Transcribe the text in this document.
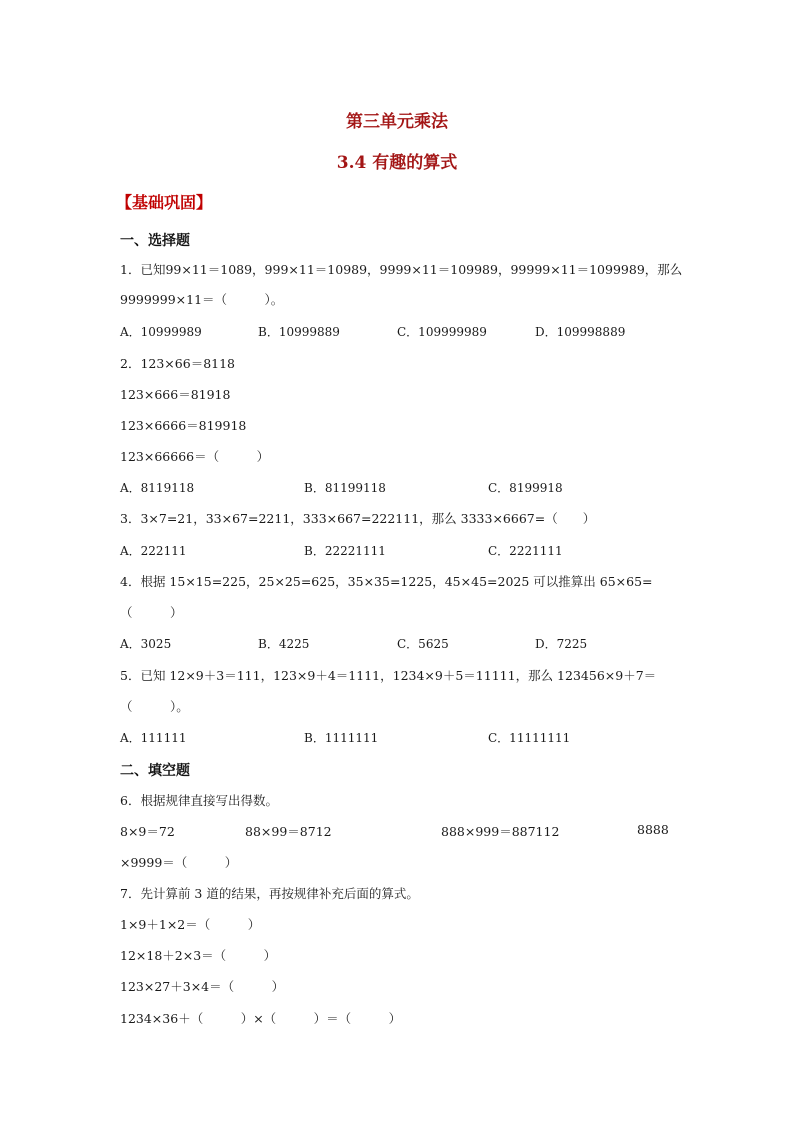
第三单元乘法
3.4 有趣的算式
【基础巩固】
一、选择题
1．已知99×11＝1089，999×11＝10989，9999×11＝109989，99999×11＝1099989，那么
9999999×11＝（　　　）。
A．10999989	B．10999889	C．109999989	D．109998889
2．123×66＝8118
123×666＝81918
123×6666＝819918
123×66666＝（　　　）
A．8119118	B．81199118	C．8199918
3．3×7=21，33×67=2211，333×667=222111，那么 3333×6667=（　　）
A．222111	B．22221111	C．2221111
4．根据 15×15=225，25×25=625，35×35=1225，45×45=2025 可以推算出 65×65=
（　　　）
A．3025	B．4225	C．5625	D．7225
5．已知 12×9＋3＝111，123×9＋4＝1111，1234×9＋5＝11111，那么 123456×9＋7＝
（　　　）。
A．111111	B．1111111	C．11111111
二、填空题
6．根据规律直接写出得数。
8×9＝72	88×99＝8712	888×999＝887112	8888
×9999＝（　　　）
7．先计算前 3 道的结果，再按规律补充后面的算式。
1×9＋1×2＝（　　　）
12×18＋2×3＝（　　　）
123×27＋3×4＝（　　　）
1234×36＋（　　　）×（　　　）＝（　　　）
